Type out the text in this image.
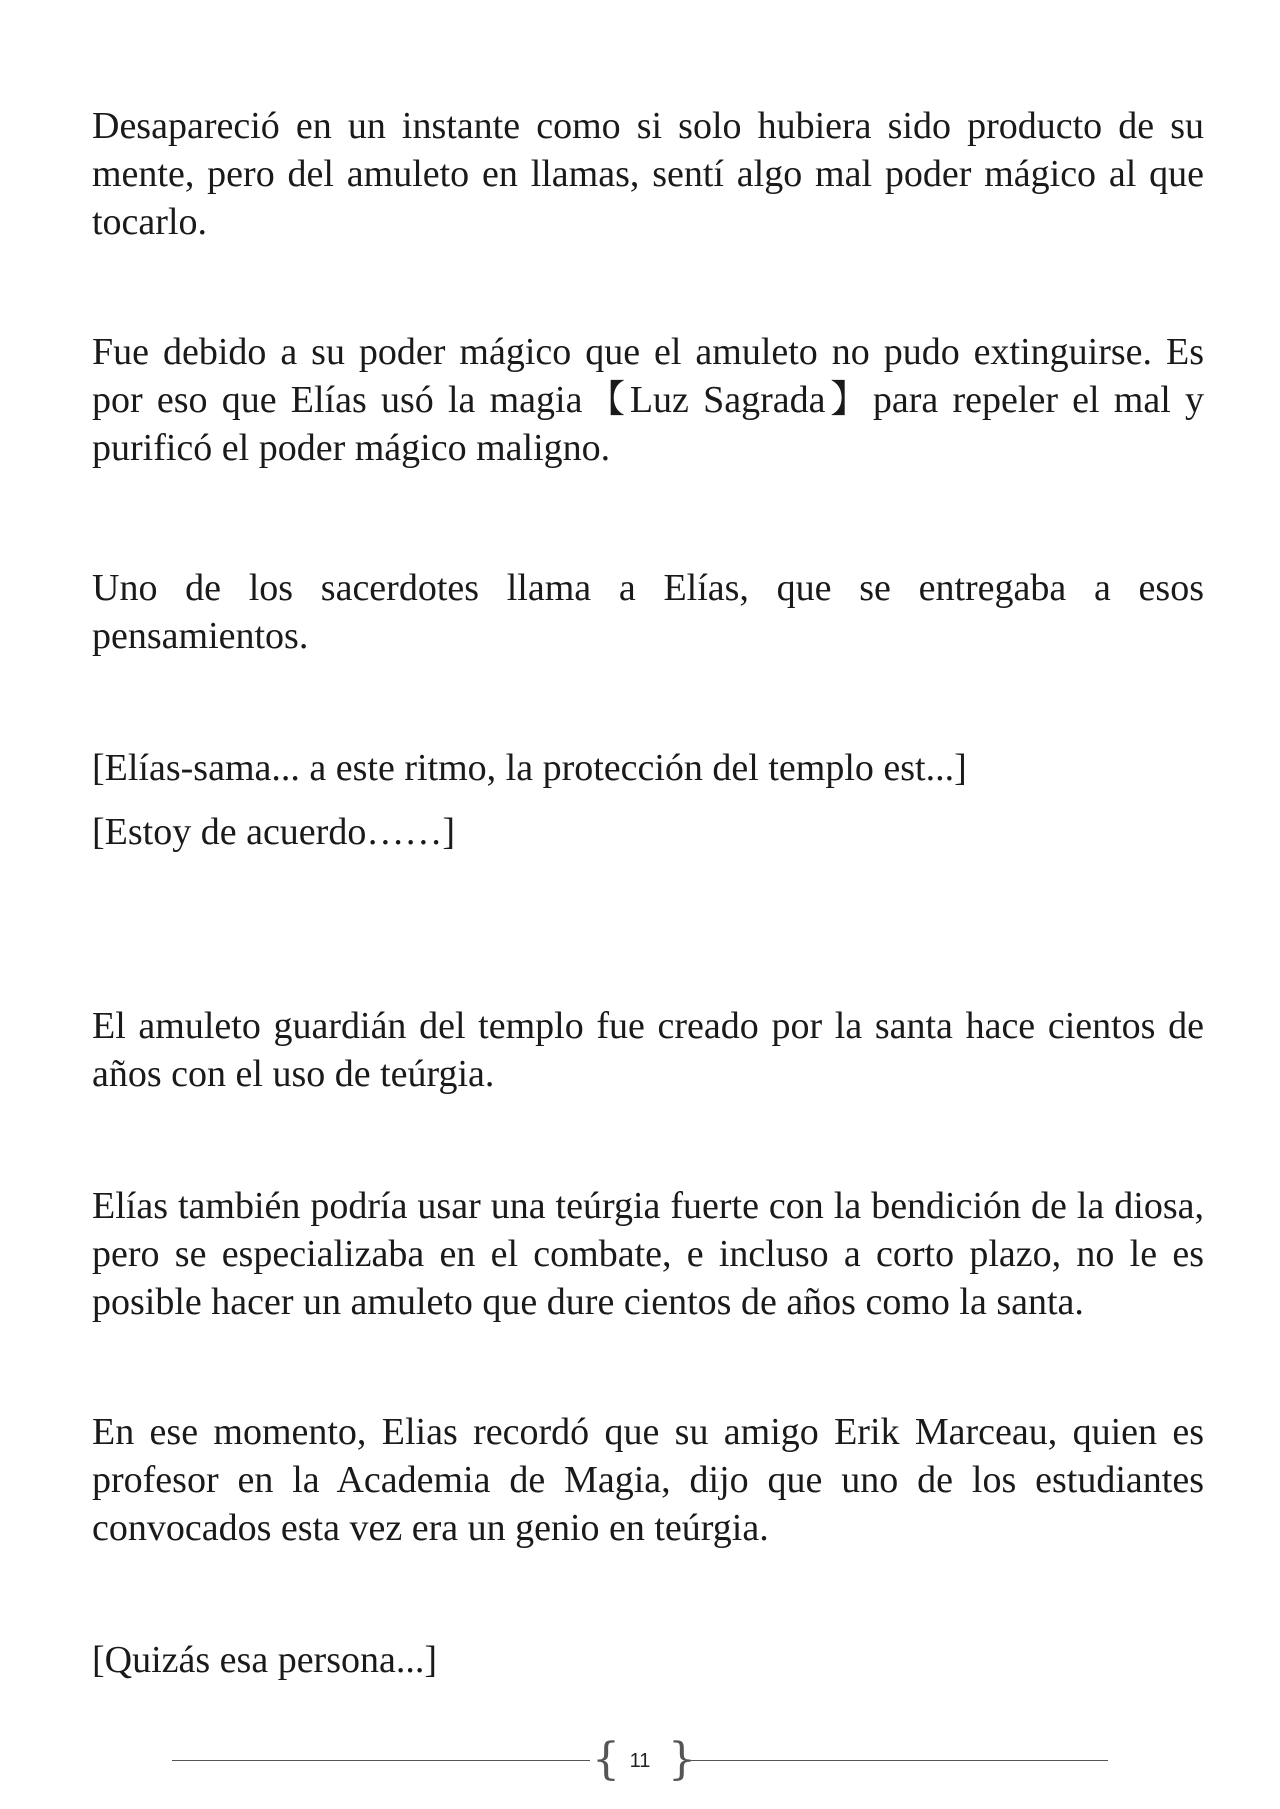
Desapareció en un instante como si solo hubiera sido producto de su mente, pero del amuleto en llamas, sentí algo mal poder mágico al que tocarlo.

Fue debido a su poder mágico que el amuleto no pudo extinguirse. Es por eso que Elías usó la magia【Luz Sagrada】para repeler el mal y purificó el poder mágico maligno.

Uno de los sacerdotes llama a Elías, que se entregaba a esos pensamientos.

[Elías-sama... a este ritmo, la protección del templo est...]

[Estoy de acuerdo……]

El amuleto guardián del templo fue creado por la santa hace cientos de años con el uso de teúrgia.

Elías también podría usar una teúrgia fuerte con la bendición de la diosa, pero se especializaba en el combate, e incluso a corto plazo, no le es posible hacer un amuleto que dure cientos de años como la santa.

En ese momento, Elias recordó que su amigo Erik Marceau, quien es profesor en la Academia de Magia, dijo que uno de los estudiantes convocados esta vez era un genio en teúrgia.

[Quizás esa persona...]

{ 11 }
